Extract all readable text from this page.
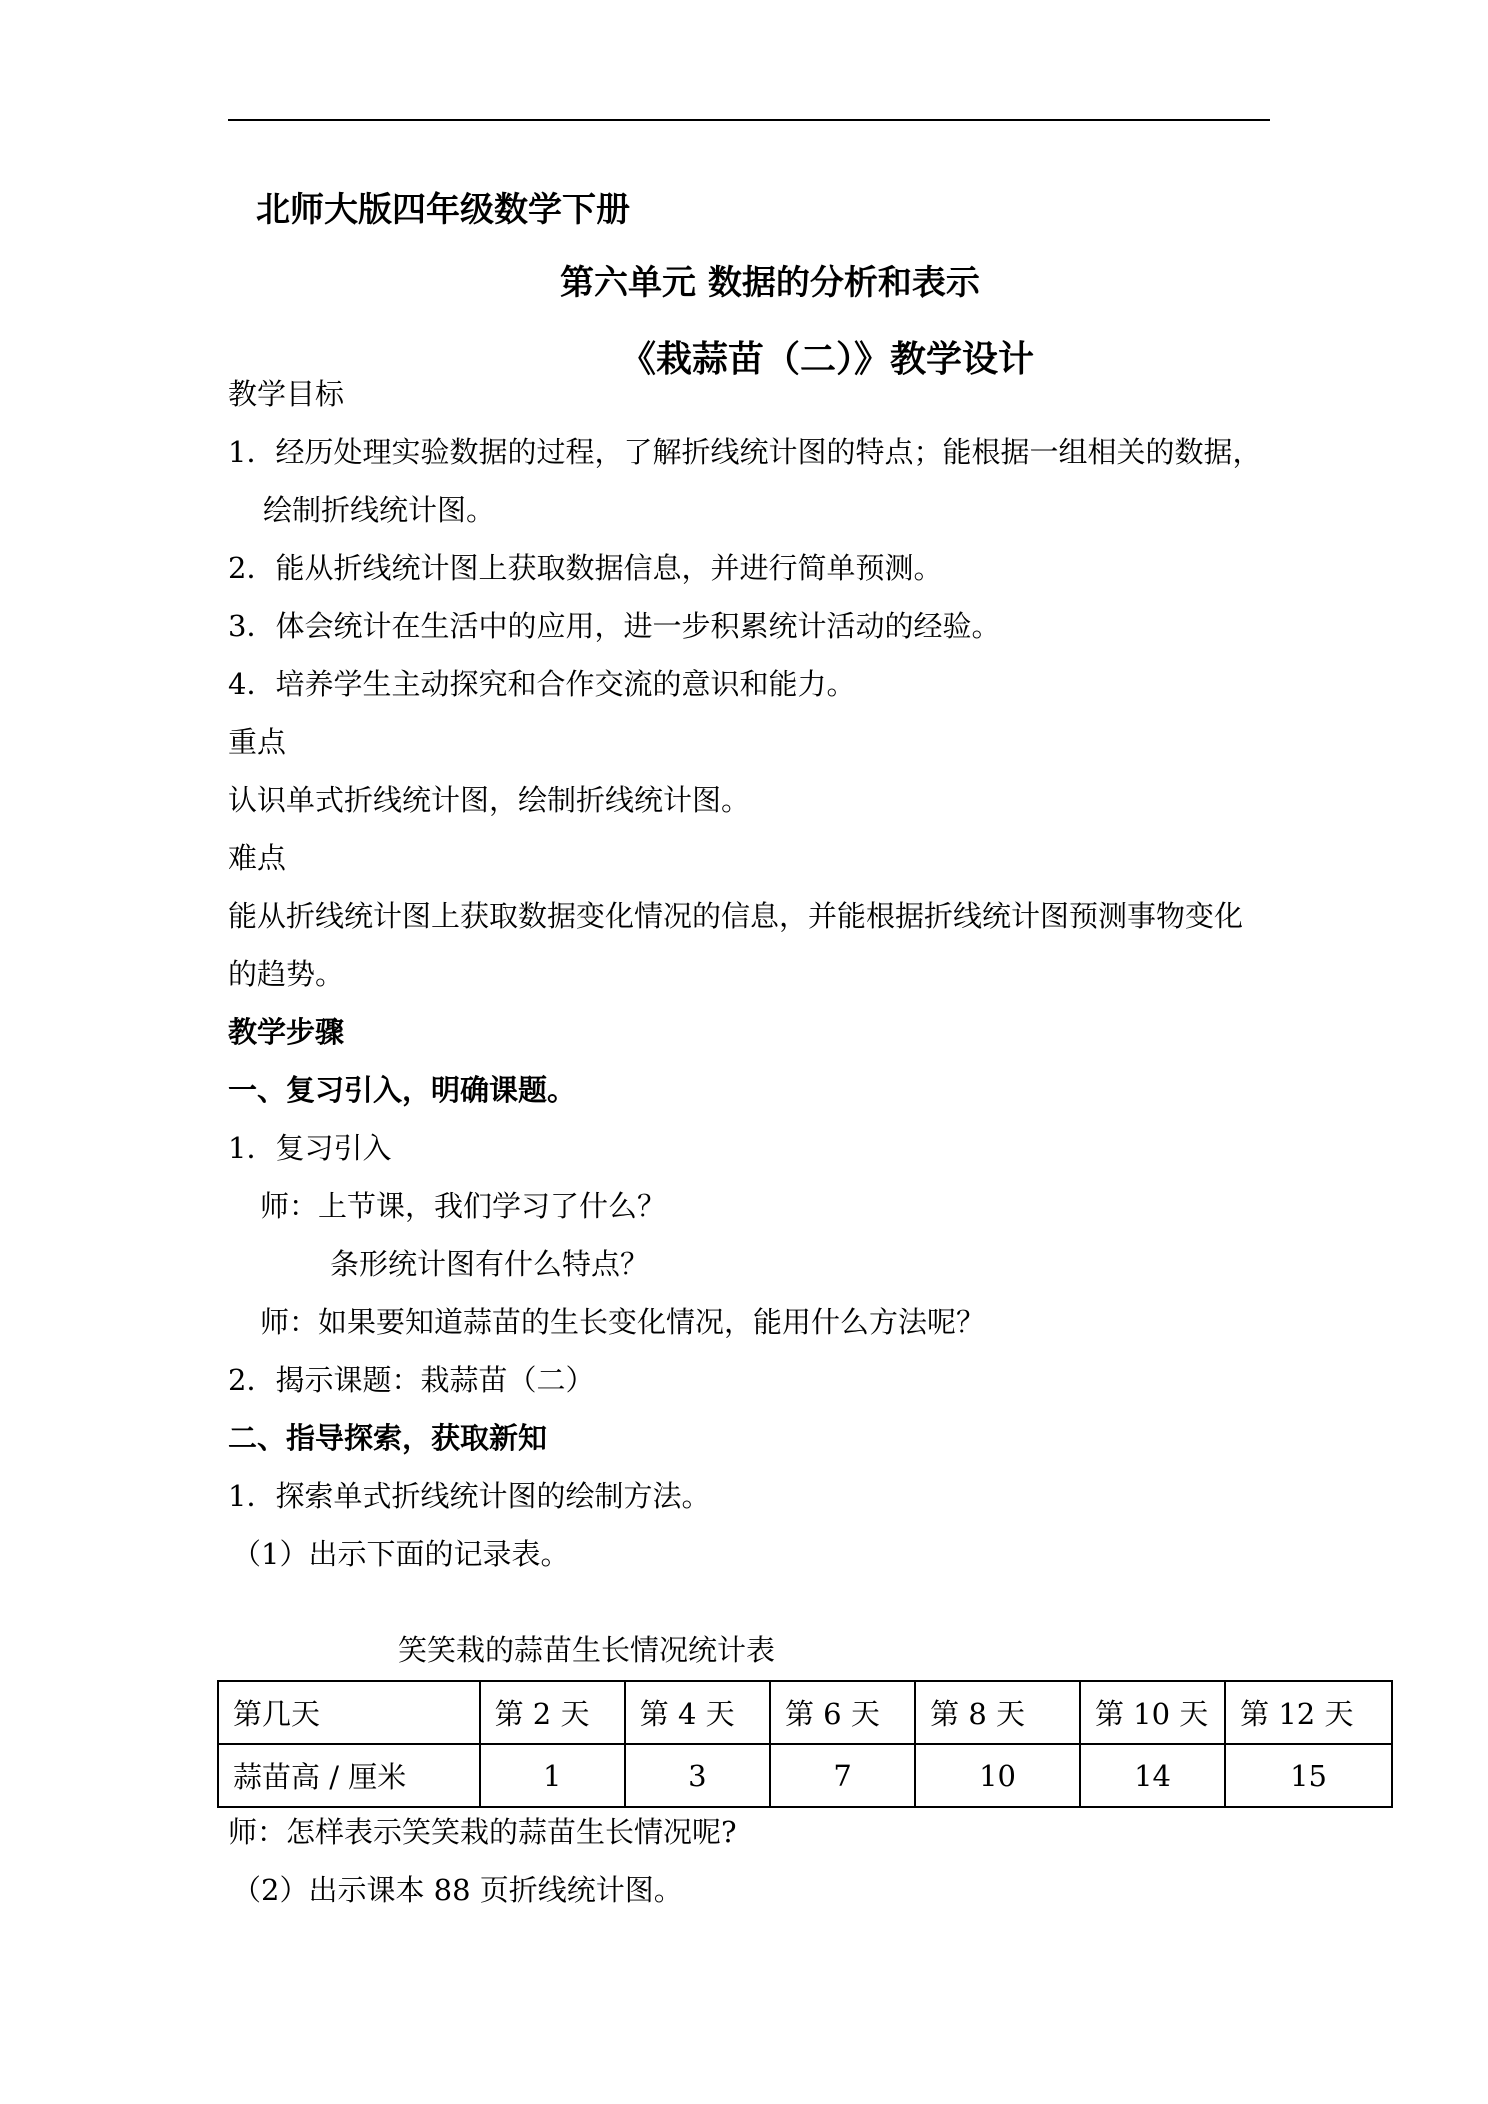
北师大版四年级数学下册
第六单元 数据的分析和表示
《栽蒜苗（二）》教学设计
教学目标
1．经历处理实验数据的过程，了解折线统计图的特点；能根据一组相关的数据，
绘制折线统计图。
2．能从折线统计图上获取数据信息，并进行简单预测。
3．体会统计在生活中的应用，进一步积累统计活动的经验。
4．培养学生主动探究和合作交流的意识和能力。
重点
认识单式折线统计图，绘制折线统计图。
难点
能从折线统计图上获取数据变化情况的信息，并能根据折线统计图预测事物变化
的趋势。
教学步骤
一、复习引入，明确课题。
1．复习引入
师：上节课，我们学习了什么？
条形统计图有什么特点？
师：如果要知道蒜苗的生长变化情况，能用什么方法呢？
2．揭示课题：栽蒜苗（二）
二、指导探索，获取新知
1．探索单式折线统计图的绘制方法。
（1）出示下面的记录表。
笑笑栽的蒜苗生长情况统计表
第几天	第 2 天	第 4 天	第 6 天	第 8 天	第 10 天	第 12 天
蒜苗高 / 厘米	1	3	7	10	14	15
师：怎样表示笑笑栽的蒜苗生长情况呢?
（2）出示课本 88 页折线统计图。
